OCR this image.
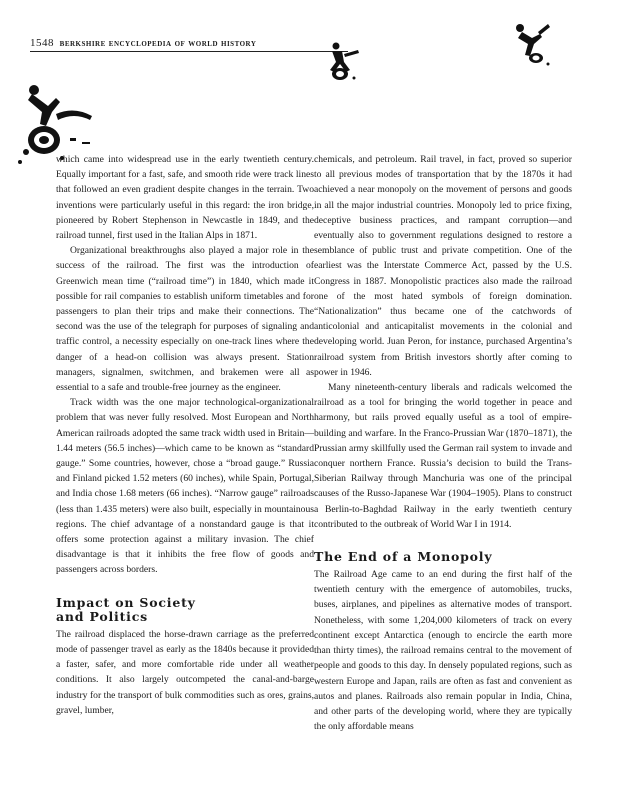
1548 berkshire encyclopedia of world history

which came into widespread use in the early twentieth century. Equally important for a fast, safe, and smooth ride were track lines that followed an even gradient despite changes in the terrain. Two inventions were particularly useful in this regard: the iron bridge, pioneered by Robert Stephenson in Newcastle in 1849, and the railroad tunnel, first used in the Italian Alps in 1871.

Organizational breakthroughs also played a major role in the success of the railroad. The first was the introduction of Greenwich mean time (“railroad time”) in 1840, which made it possible for rail companies to establish uniform timetables and for passengers to plan their trips and make their connections. The second was the use of the telegraph for purposes of signaling and traffic control, a necessity especially on one-track lines where the danger of a head-on collision was always present. Station managers, signalmen, switchmen, and brakemen were all as essential to a safe and trouble-free journey as the engineer.

Track width was the one major technological-organizational problem that was never fully resolved. Most European and North American railroads adopted the same track width used in Britain—1.44 meters (56.5 inches)—which came to be known as “standard gauge.” Some countries, however, chose a “broad gauge.” Russia and Finland picked 1.52 meters (60 inches), while Spain, Portugal, and India chose 1.68 meters (66 inches). “Narrow gauge” railroads (less than 1.435 meters) were also built, especially in mountainous regions. The chief advantage of a nonstandard gauge is that it offers some protection against a military invasion. The chief disadvantage is that it inhibits the free flow of goods and passengers across borders.

Impact on Society
and Politics

The railroad displaced the horse-drawn carriage as the preferred mode of passenger travel as early as the 1840s because it provided a faster, safer, and more comfortable ride under all weather conditions. It also largely outcompeted the canal-and-barge industry for the transport of bulk commodities such as ores, grains, gravel, lumber,

chemicals, and petroleum. Rail travel, in fact, proved so superior to all previous modes of transportation that by the 1870s it had achieved a near monopoly on the movement of persons and goods in all the major industrial countries. Monopoly led to price fixing, deceptive business practices, and rampant corruption—and eventually also to government regulations designed to restore a semblance of public trust and private competition. One of the earliest was the Interstate Commerce Act, passed by the U.S. Congress in 1887. Monopolistic practices also made the railroad one of the most hated symbols of foreign domination. “Nationalization” thus became one of the catchwords of anticolonial and anticapitalist movements in the colonial and developing world. Juan Peron, for instance, purchased Argentina’s railroad system from British investors shortly after coming to power in 1946.

Many nineteenth-century liberals and radicals welcomed the railroad as a tool for bringing the world together in peace and harmony, but rails proved equally useful as a tool of empire-building and warfare. In the Franco-Prussian War (1870–1871), the Prussian army skillfully used the German rail system to invade and conquer northern France. Russia’s decision to build the Trans-Siberian Railway through Manchuria was one of the principal causes of the Russo-Japanese War (1904–1905). Plans to construct a Berlin-to-Baghdad Railway in the early twentieth century contributed to the outbreak of World War I in 1914.

The End of a Monopoly

The Railroad Age came to an end during the first half of the twentieth century with the emergence of automobiles, trucks, buses, airplanes, and pipelines as alternative modes of transport. Nonetheless, with some 1,204,000 kilometers of track on every continent except Antarctica (enough to encircle the earth more than thirty times), the railroad remains central to the movement of people and goods to this day. In densely populated regions, such as western Europe and Japan, rails are often as fast and convenient as autos and planes. Railroads also remain popular in India, China, and other parts of the developing world, where they are typically the only affordable means
